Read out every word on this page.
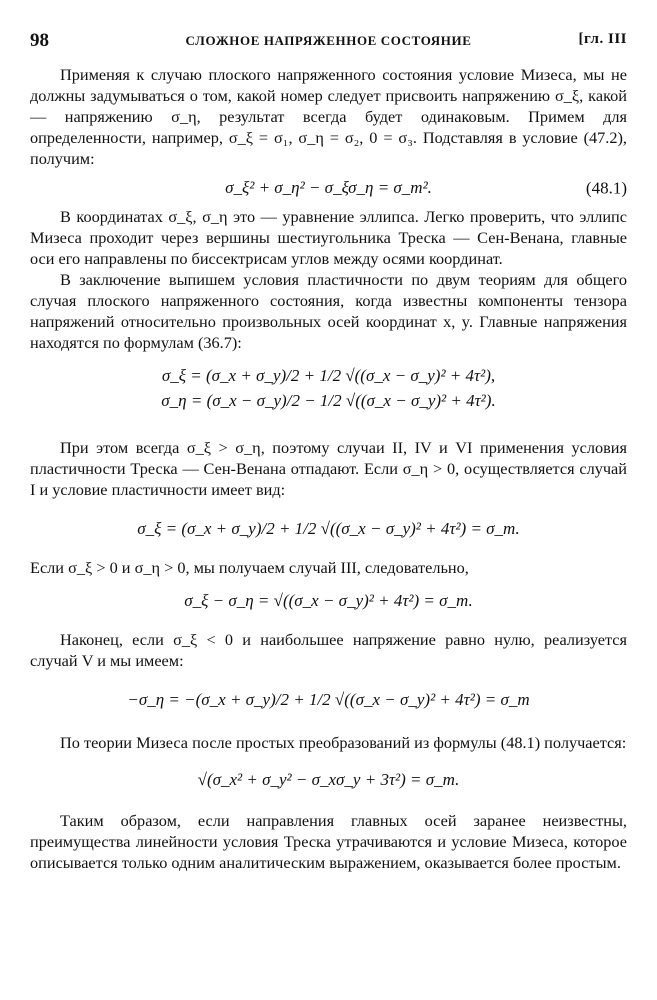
98	СЛОЖНОЕ НАПРЯЖЕННОЕ СОСТОЯНИЕ	[гл. III

Применяя к случаю плоского напряженного состояния условие Мизеса, мы не должны задумываться о том, какой номер следует присвоить напряжению σ_ξ, какой — напряжению σ_η, результат всегда будет одинаковым. Примем для определенности, например, σ_ξ = σ₁, σ_η = σ₂, 0 = σ₃. Подставляя в условие (47.2), получим:

σ_ξ² + σ_η² − σ_ξσ_η = σ_т².	(48.1)

В координатах σ_ξ, σ_η это — уравнение эллипса. Легко проверить, что эллипс Мизеса проходит через вершины шестиугольника Треска — Сен-Венана, главные оси его направлены по биссектрисам углов между осями координат.

В заключение выпишем условия пластичности по двум теориям для общего случая плоского напряженного состояния, когда известны компоненты тензора напряжений относительно произвольных осей координат x, y. Главные напряжения находятся по формулам (36.7):

σ_ξ = (σ_x + σ_y)/2 + 1/2 √((σ_x − σ_y)² + 4τ²),
σ_η = (σ_x − σ_y)/2 − 1/2 √((σ_x − σ_y)² + 4τ²).

При этом всегда σ_ξ > σ_η, поэтому случаи II, IV и VI применения условия пластичности Треска — Сен-Венана отпадают. Если σ_η > 0, осуществляется случай I и условие пластичности имеет вид:

σ_ξ = (σ_x + σ_y)/2 + 1/2 √((σ_x − σ_y)² + 4τ²) = σ_т.

Если σ_ξ > 0 и σ_η > 0, мы получаем случай III, следовательно,

σ_ξ − σ_η = √((σ_x − σ_y)² + 4τ²) = σ_т.

Наконец, если σ_ξ < 0 и наибольшее напряжение равно нулю, реализуется случай V и мы имеем:

−σ_η = −(σ_x + σ_y)/2 + 1/2 √((σ_x − σ_y)² + 4τ²) = σ_т

По теории Мизеса после простых преобразований из формулы (48.1) получается:

√(σ_x² + σ_y² − σ_xσ_y + 3τ²) = σ_т.

Таким образом, если направления главных осей заранее неизвестны, преимущества линейности условия Треска утрачиваются и условие Мизеса, которое описывается только одним аналитическим выражением, оказывается более простым.
